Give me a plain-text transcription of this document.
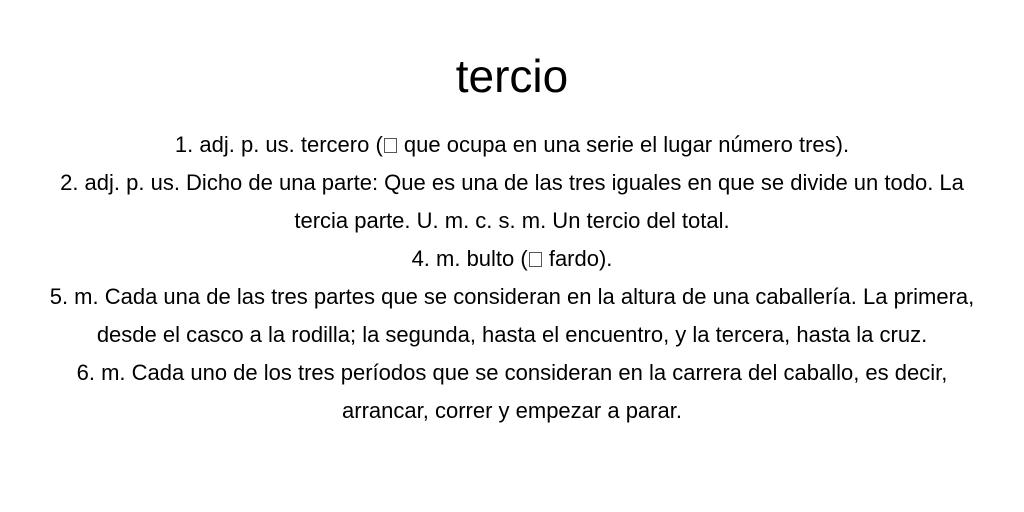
tercio

1. adj. p. us. tercero ( que ocupa en una serie el lugar número tres).

2. adj. p. us. Dicho de una parte: Que es una de las tres iguales en que se divide un todo. La tercia parte. U. m. c. s. m. Un tercio del total.

4. m. bulto ( fardo).

5. m. Cada una de las tres partes que se consideran en la altura de una caballería. La primera, desde el casco a la rodilla; la segunda, hasta el encuentro, y la tercera, hasta la cruz.

6. m. Cada uno de los tres períodos que se consideran en la carrera del caballo, es decir, arrancar, correr y empezar a parar.
